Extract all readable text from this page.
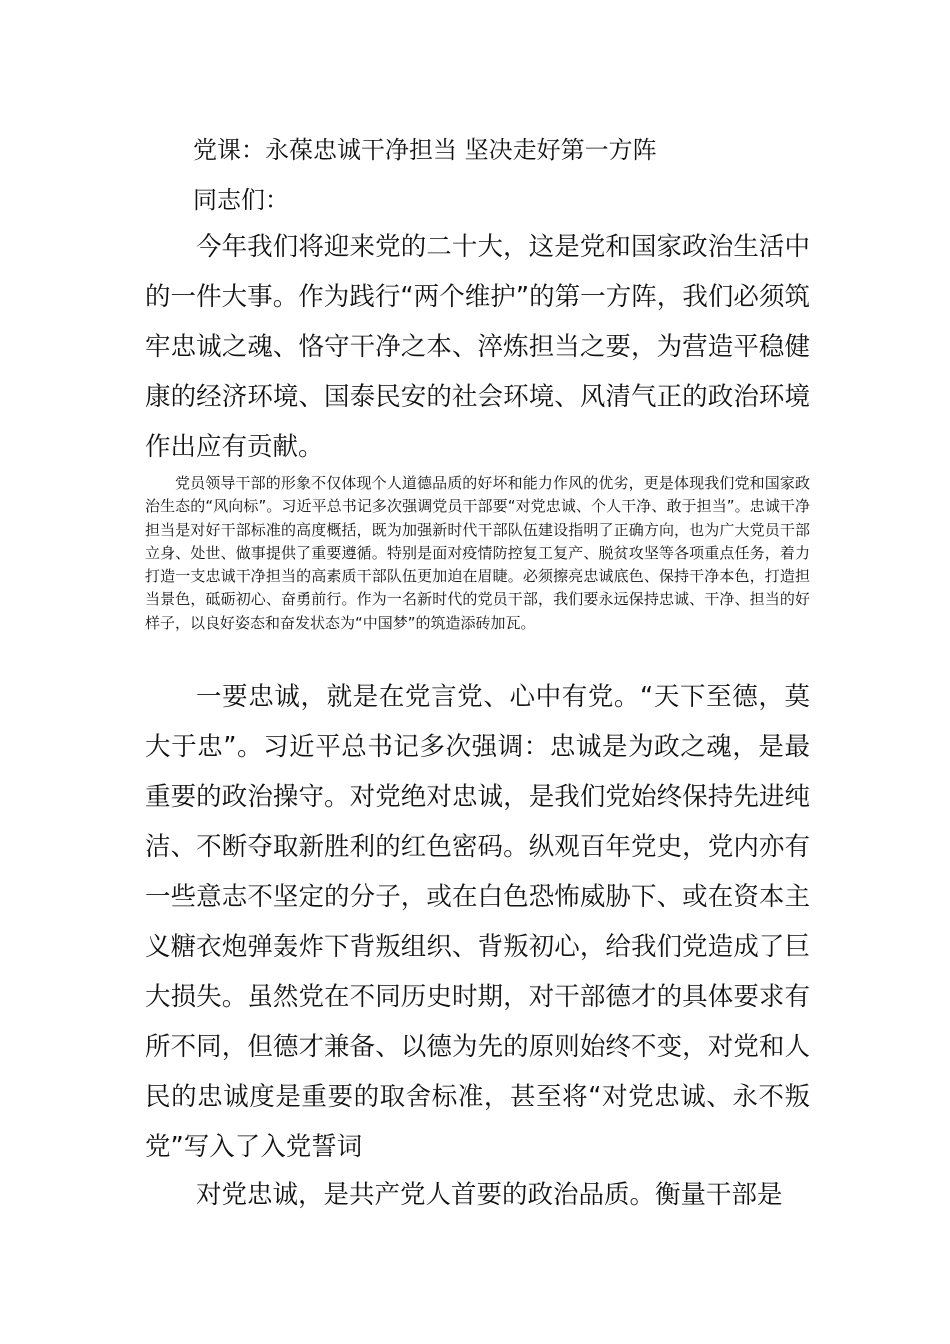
党课：永葆忠诚干净担当 坚决走好第一方阵

同志们：

今年我们将迎来党的二十大，这是党和国家政治生活中的一件大事。作为践行“两个维护”的第一方阵，我们必须筑牢忠诚之魂、恪守干净之本、淬炼担当之要，为营造平稳健康的经济环境、国泰民安的社会环境、风清气正的政治环境作出应有贡献。

党员领导干部的形象不仅体现个人道德品质的好坏和能力作风的优劣，更是体现我们党和国家政治生态的“风向标”。习近平总书记多次强调党员干部要“对党忠诚、个人干净、敢于担当”。忠诚干净担当是对好干部标准的高度概括，既为加强新时代干部队伍建设指明了正确方向，也为广大党员干部立身、处世、做事提供了重要遵循。特别是面对疫情防控复工复产、脱贫攻坚等各项重点任务，着力打造一支忠诚干净担当的高素质干部队伍更加迫在眉睫。必须擦亮忠诚底色、保持干净本色，打造担当景色，砥砺初心、奋勇前行。作为一名新时代的党员干部，我们要永远保持忠诚、干净、担当的好样子，以良好姿态和奋发状态为“中国梦”的筑造添砖加瓦。

一要忠诚，就是在党言党、心中有党。“天下至德，莫大于忠”。习近平总书记多次强调：忠诚是为政之魂，是最重要的政治操守。对党绝对忠诚，是我们党始终保持先进纯洁、不断夺取新胜利的红色密码。纵观百年党史，党内亦有一些意志不坚定的分子，或在白色恐怖威胁下、或在资本主义糖衣炮弹轰炸下背叛组织、背叛初心，给我们党造成了巨大损失。虽然党在不同历史时期，对干部德才的具体要求有所不同，但德才兼备、以德为先的原则始终不变，对党和人民的忠诚度是重要的取舍标准，甚至将“对党忠诚、永不叛党”写入了入党誓词

对党忠诚，是共产党人首要的政治品质。衡量干部是
